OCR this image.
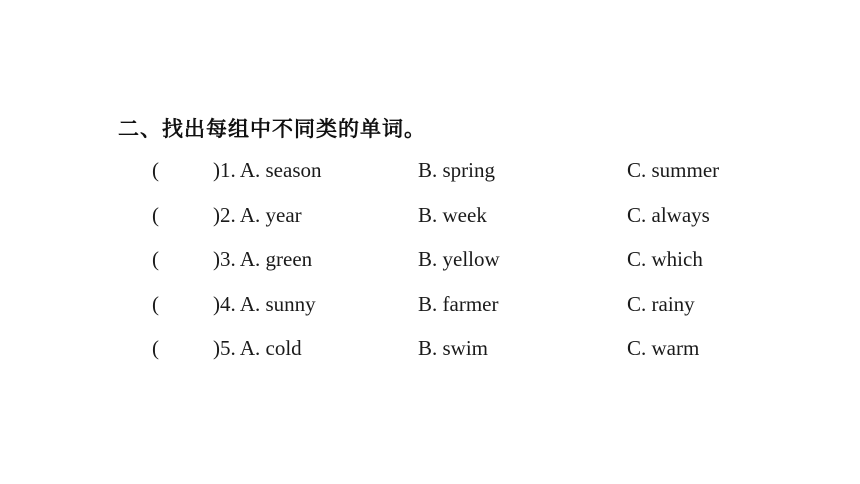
二、找出每组中不同类的单词。
(	)1. A. season	B. spring	C. summer
(	)2. A. year	B. week	C. always
(	)3. A. green	B. yellow	C. which
(	)4. A. sunny	B. farmer	C. rainy
(	)5. A. cold	B. swim	C. warm
